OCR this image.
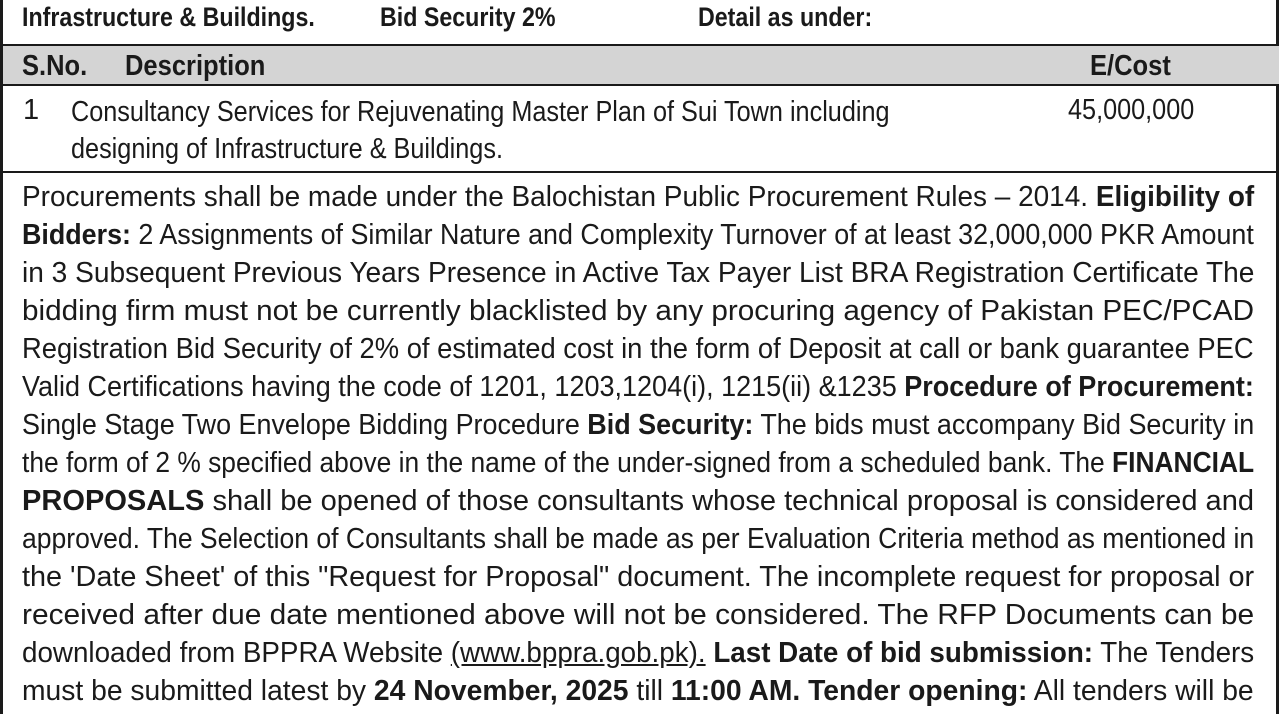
Infrastructure & Buildings. Bid Security 2%	Detail as under:
S.No. Description	E/Cost
1 Consultancy Services for Rejuvenating Master Plan of Sui Town including
designing of Infrastructure & Buildings.
45,000,000
Procurements shall be made under the Balochistan Public Procurement Rules – 2014. Eligibility of
Bidders: 2 Assignments of Similar Nature and Complexity Turnover of at least 32,000,000 PKR Amount
in 3 Subsequent Previous Years Presence in Active Tax Payer List BRA Registration Certificate The
bidding firm must not be currently blacklisted by any procuring agency of Pakistan PEC/PCAD
Registration Bid Security of 2% of estimated cost in the form of Deposit at call or bank guarantee PEC
Valid Certifications having the code of 1201, 1203,1204(i), 1215(ii) &1235 Procedure of Procurement:
Single Stage Two Envelope Bidding Procedure Bid Security: The bids must accompany Bid Security in
the form of 2 % specified above in the name of the under-signed from a scheduled bank. The FINANCIAL
PROPOSALS shall be opened of those consultants whose technical proposal is considered and
approved. The Selection of Consultants shall be made as per Evaluation Criteria method as mentioned in
the 'Date Sheet' of this "Request for Proposal" document. The incomplete request for proposal or
received after due date mentioned above will not be considered. The RFP Documents can be
downloaded from BPPRA Website (www.bppra.gob.pk). Last Date of bid submission: The Tenders
must be submitted latest by 24 November, 2025 till 11:00 AM. Tender opening: All tenders will be
